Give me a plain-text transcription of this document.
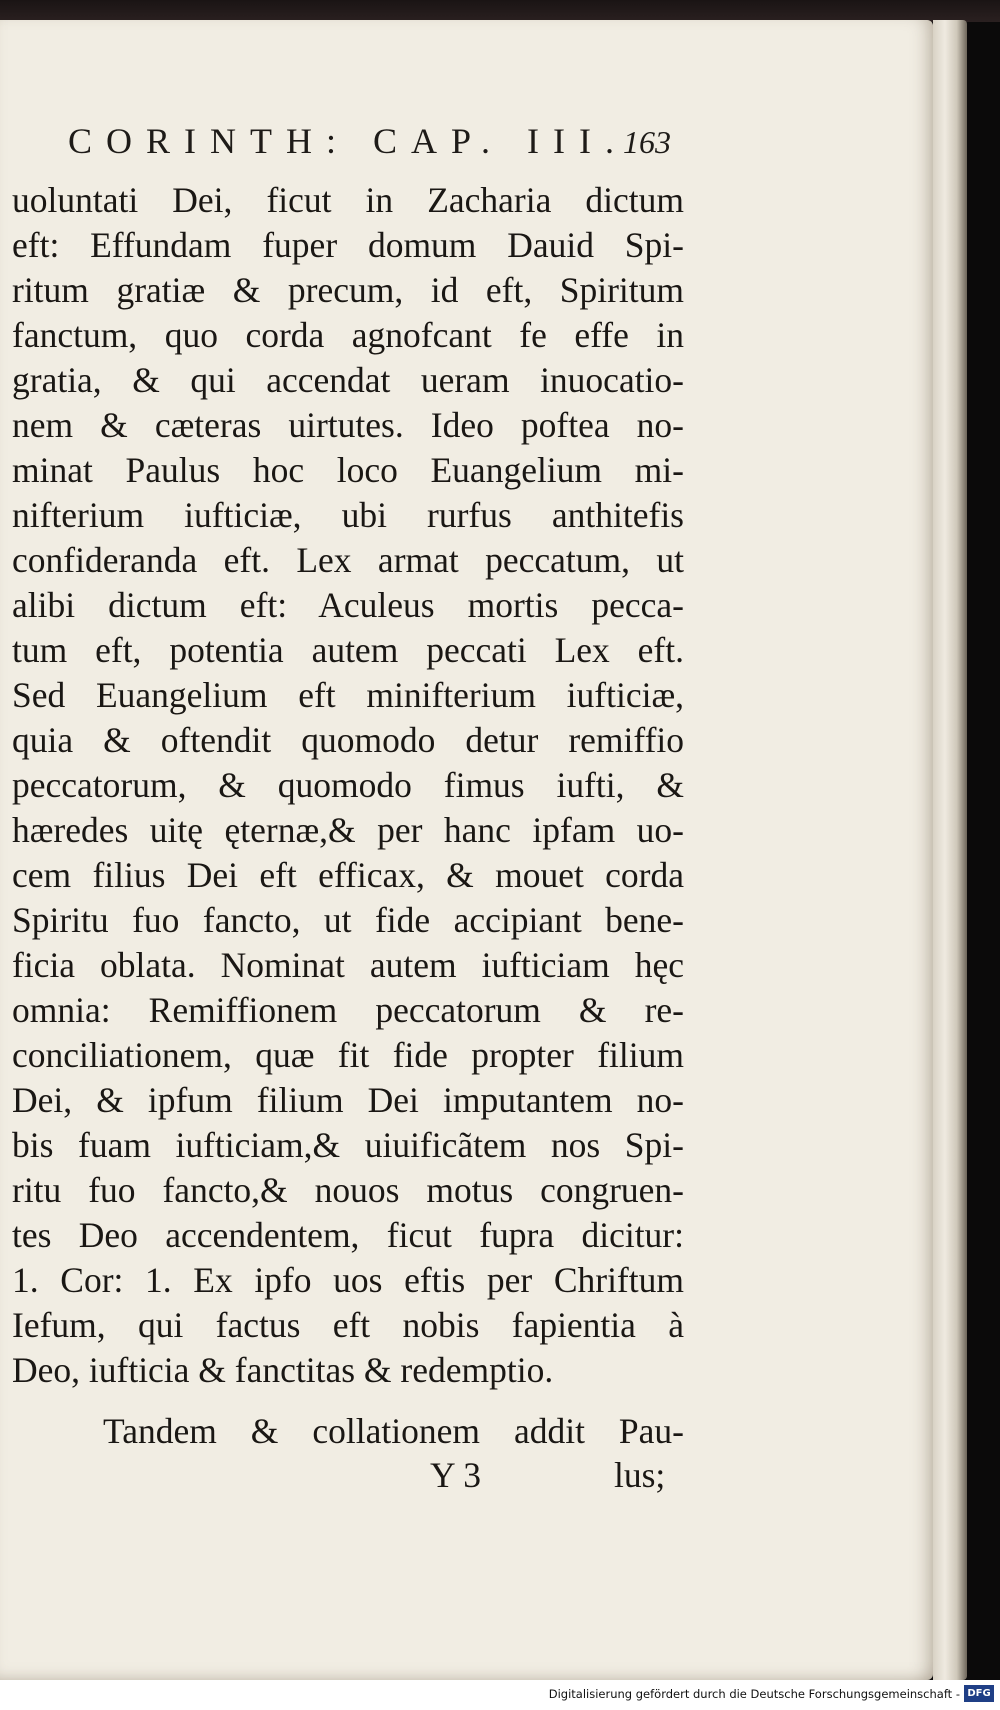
CORINTH: CAP. III.
163
uoluntati Dei, ficut in Zacharia dictum
eft: Effundam fuper domum Dauid Spi-
ritum gratiæ & precum, id eft, Spiritum
fanctum, quo corda agnofcant fe effe in
gratia, & qui accendat ueram inuocatio-
nem & cæteras uirtutes. Ideo poftea no-
minat Paulus hoc loco Euangelium mi-
nifterium iufticiæ, ubi rurfus anthitefis
confideranda eft. Lex armat peccatum, ut
alibi dictum eft: Aculeus mortis pecca-
tum eft, potentia autem peccati Lex eft.
Sed Euangelium eft minifterium iufticiæ,
quia & oftendit quomodo detur remiffio
peccatorum, & quomodo fimus iufti, &
hæredes uitę ęternæ,& per hanc ipfam uo-
cem filius Dei eft efficax, & mouet corda
Spiritu fuo fancto, ut fide accipiant bene-
ficia oblata. Nominat autem iufticiam hęc
omnia: Remiffionem peccatorum & re-
conciliationem, quæ fit fide propter filium
Dei, & ipfum filium Dei imputantem no-
bis fuam iufticiam,& uiuificãtem nos Spi-
ritu fuo fancto,& nouos motus congruen-
tes Deo accendentem, ficut fupra dicitur:
1. Cor: 1. Ex ipfo uos eftis per Chriftum
Iefum, qui factus eft nobis fapientia à
Deo, iufticia & fanctitas & redemptio.
Tandem & collationem addit Pau-
Y 3	lus;
Digitalisierung gefördert durch die Deutsche Forschungsgemeinschaft - DFG
